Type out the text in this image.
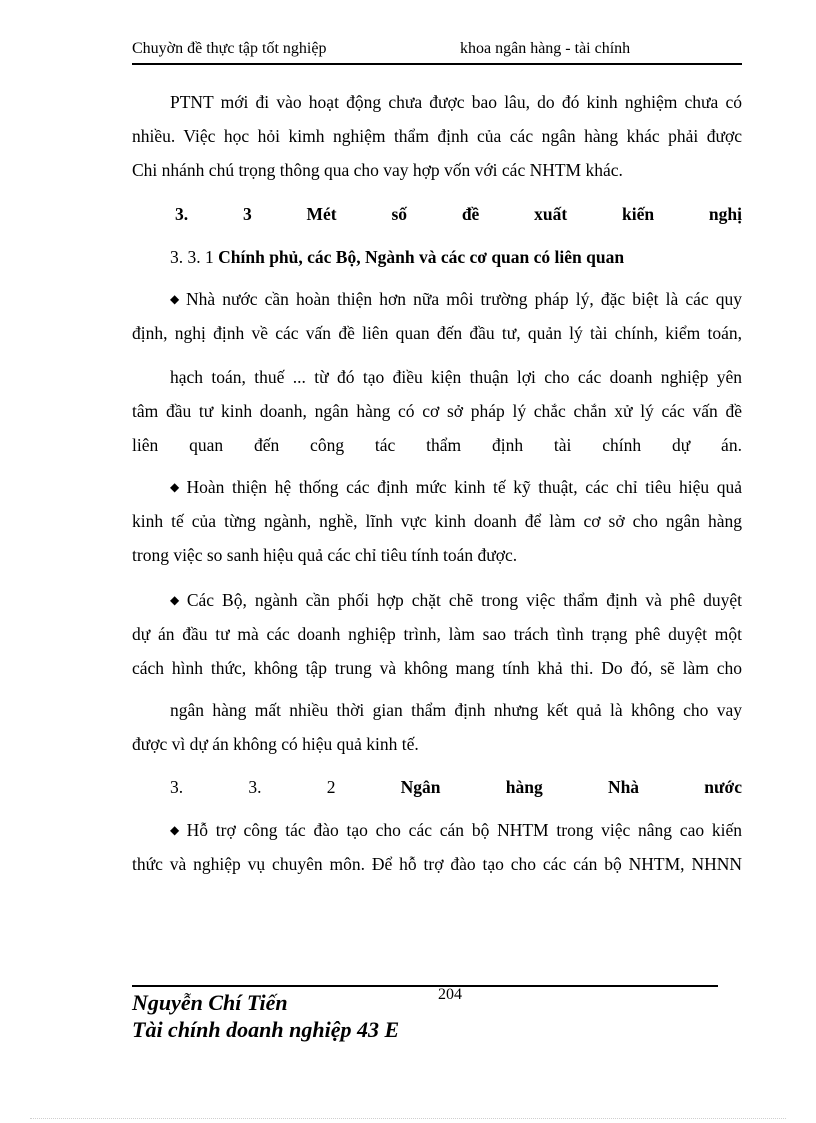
Chuyờn đề thực tập tốt nghiệp	khoa ngân hàng - tài chính
PTNT mới đi vào hoạt động chưa được bao lâu, do đó kinh nghiệm chưa có
nhiều. Việc học hỏi kimh nghiệm thẩm định của các ngân hàng khác phải được
Chi nhánh chú trọng thông qua cho vay hợp vốn với các NHTM khác.
3.	3	Mét	số	đề	xuất	kiến	nghị
3. 3. 1 Chính phủ, các Bộ, Ngành và các cơ quan có liên quan
◆ Nhà nước cần hoàn thiện hơn nữa môi trường pháp lý, đặc biệt là các quy
định, nghị định về các vấn đề liên quan đến đầu tư, quản lý tài chính, kiểm toán,
hạch toán, thuế ... từ đó tạo điều kiện thuận lợi cho các doanh nghiệp yên
tâm đầu tư kinh doanh, ngân hàng có cơ sở pháp lý chắc chắn xử lý các vấn đề
liên quan đến công tác thẩm định tài chính dự án.
◆ Hoàn thiện hệ thống các định mức kinh tế kỹ thuật, các chỉ tiêu hiệu quả
kinh tế của từng ngành, nghề, lĩnh vực kinh doanh để làm cơ sở cho ngân hàng
trong việc so sanh hiệu quả các chỉ tiêu tính toán được.
◆ Các Bộ, ngành cần phối hợp chặt chẽ trong việc thẩm định và phê duyệt
dự án đầu tư mà các doanh nghiệp trình, làm sao trách tình trạng phê duyệt một
cách hình thức, không tập trung và không mang tính khả thi. Do đó, sẽ làm cho
ngân hàng mất nhiều thời gian thẩm định nhưng kết quả là không cho vay
được vì dự án không có hiệu quả kinh tế.
3.	3.	2	Ngân	hàng	Nhà	nước
◆ Hỗ trợ công tác đào tạo cho các cán bộ NHTM trong việc nâng cao kiến
thức và nghiệp vụ chuyên môn. Để hỗ trợ đào tạo cho các cán bộ NHTM, NHNN
204
Nguyễn Chí Tiến
Tài chính doanh nghiệp 43 E
